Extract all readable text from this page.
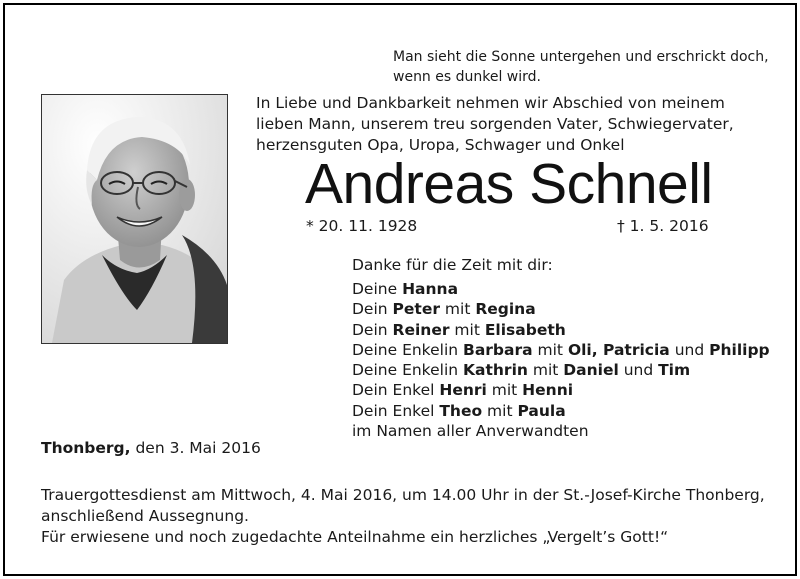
Man sieht die Sonne untergehen und erschrickt doch,
wenn es dunkel wird.
In Liebe und Dankbarkeit nehmen wir Abschied von meinem
lieben Mann, unserem treu sorgenden Vater, Schwiegervater,
herzensguten Opa, Uropa, Schwager und Onkel
Andreas Schnell
* 20. 11. 1928	† 1. 5. 2016
Danke für die Zeit mit dir:
Deine Hanna
Dein Peter mit Regina
Dein Reiner mit Elisabeth
Deine Enkelin Barbara mit Oli, Patricia und Philipp
Deine Enkelin Kathrin mit Daniel und Tim
Dein Enkel Henri mit Henni
Dein Enkel Theo mit Paula
im Namen aller Anverwandten
Thonberg, den 3. Mai 2016
Trauergottesdienst am Mittwoch, 4. Mai 2016, um 14.00 Uhr in der St.-Josef-Kirche Thonberg,
anschließend Aussegnung.
Für erwiesene und noch zugedachte Anteilnahme ein herzliches „Vergelt’s Gott!“
